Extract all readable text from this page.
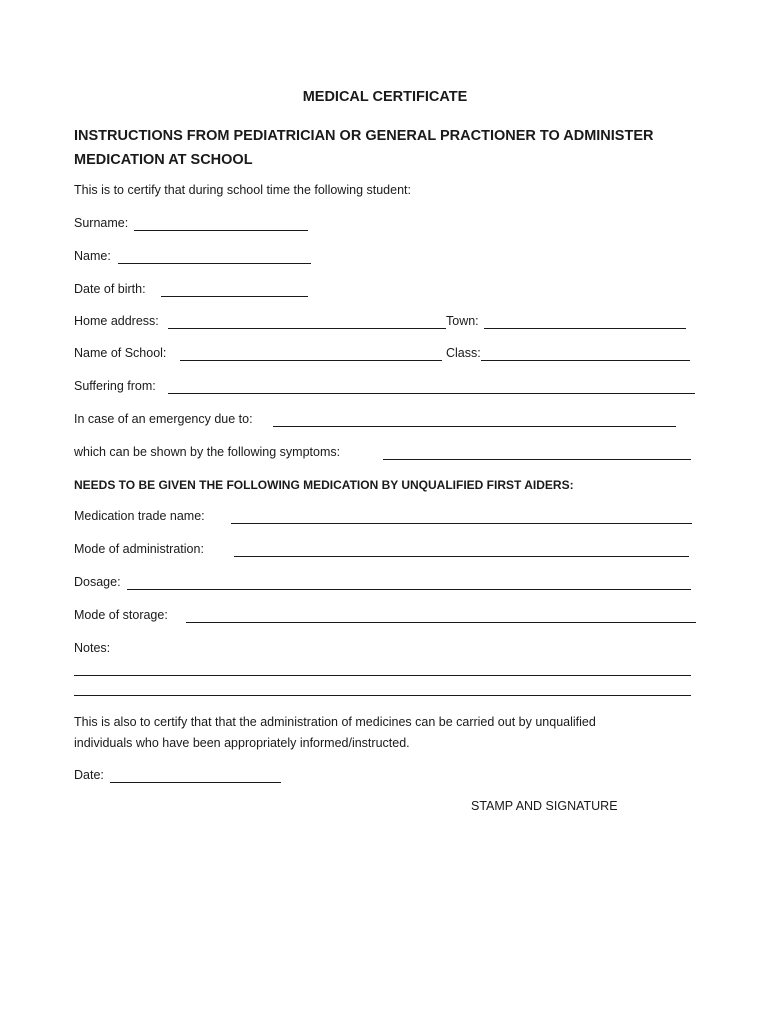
MEDICAL CERTIFICATE
INSTRUCTIONS FROM PEDIATRICIAN OR GENERAL PRACTIONER TO ADMINISTER
MEDICATION AT SCHOOL
This is to certify that during school time the following student:
Surname:
Name:
Date of birth:
Home address:	Town:
Name of School:	Class:
Suffering from:
In case of an emergency due to:
which can be shown by the following symptoms:
NEEDS TO BE GIVEN THE FOLLOWING MEDICATION BY UNQUALIFIED FIRST AIDERS:
Medication trade name:
Mode of administration:
Dosage:
Mode of storage:
Notes:
This is also to certify that that the administration of medicines can be carried out by unqualified
individuals who have been appropriately informed/instructed.
Date:
STAMP AND SIGNATURE
